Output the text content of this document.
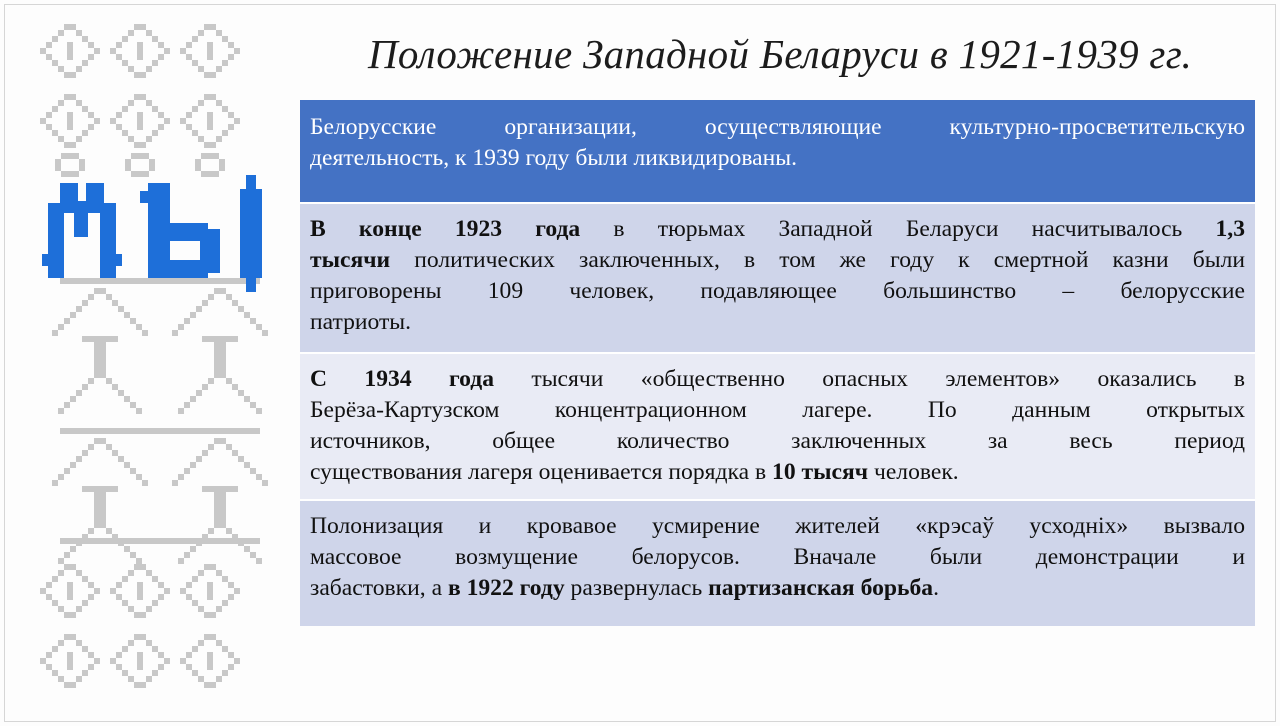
Положение Западной Беларуси в 1921-1939 гг.
Белорусские организации, осуществляющие культурно-просветительскую
деятельность, к 1939 году были ликвидированы.
В конце 1923 года в тюрьмах Западной Беларуси насчитывалось 1,3
тысячи политических заключенных, в том же году к смертной казни были
приговорены 109 человек, подавляющее большинство – белорусские
патриоты.
С 1934 года тысячи «общественно опасных элементов» оказались в
Берёза-Картузском концентрационном лагере. По данным открытых
источников, общее количество заключенных за весь период
существования лагеря оценивается порядка в 10 тысяч человек.
Полонизация и кровавое усмирение жителей «крэсаў усходнiх» вызвало
массовое возмущение белорусов. Вначале были демонстрации и
забастовки, а в 1922 году развернулась партизанская борьба.
